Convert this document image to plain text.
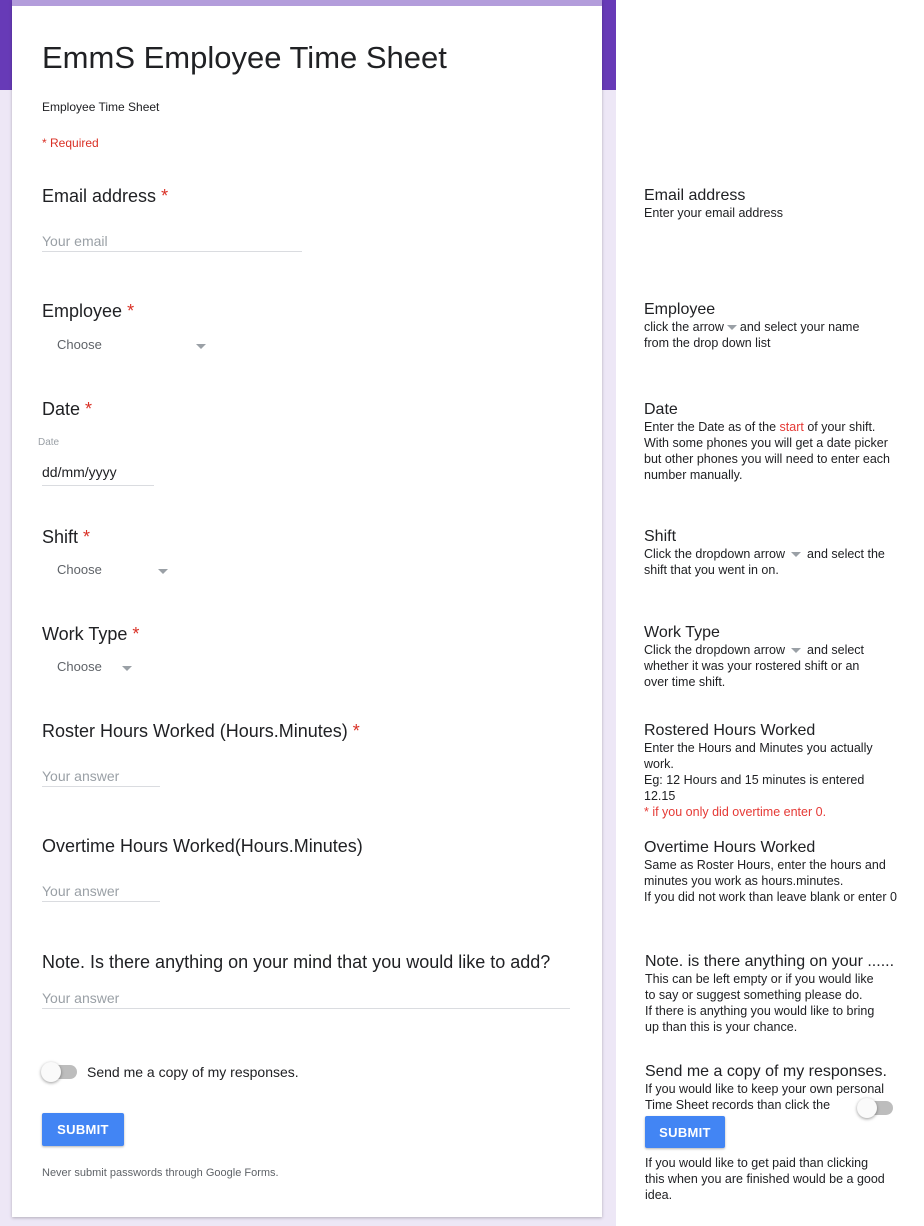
EmmS Employee Time Sheet
Employee Time Sheet
* Required
Email address *
Your email
Employee *
Choose
Date *
Date
dd/mm/yyyy
Shift *
Choose
Work Type *
Choose
Roster Hours Worked (Hours.Minutes) *
Your answer
Overtime Hours Worked(Hours.Minutes)
Your answer
Note. Is there anything on your mind that you would like to add?
Your answer
Send me a copy of my responses.
SUBMIT
Never submit passwords through Google Forms.
Email address
Enter your email address
Employee
click the arrow and select your name
from the drop down list
Date
Enter the Date as of the start of your shift.
With some phones you will get a date picker
but other phones you will need to enter each
number manually.
Shift
Click the dropdown arrow and select the
shift that you went in on.
Work Type
Click the dropdown arrow and select
whether it was your rostered shift or an
over time shift.
Rostered Hours Worked
Enter the Hours and Minutes you actually
work.
Eg: 12 Hours and 15 minutes is entered
12.15
* if you only did overtime enter 0.
Overtime Hours Worked
Same as Roster Hours, enter the hours and
minutes you work as hours.minutes.
If you did not work than leave blank or enter 0
Note. is there anything on your ......
This can be left empty or if you would like
to say or suggest something please do.
If there is anything you would like to bring
up than this is your chance.
Send me a copy of my responses.
If you would like to keep your own personal
Time Sheet records than click the
SUBMIT
If you would like to get paid than clicking
this when you are finished would be a good
idea.
